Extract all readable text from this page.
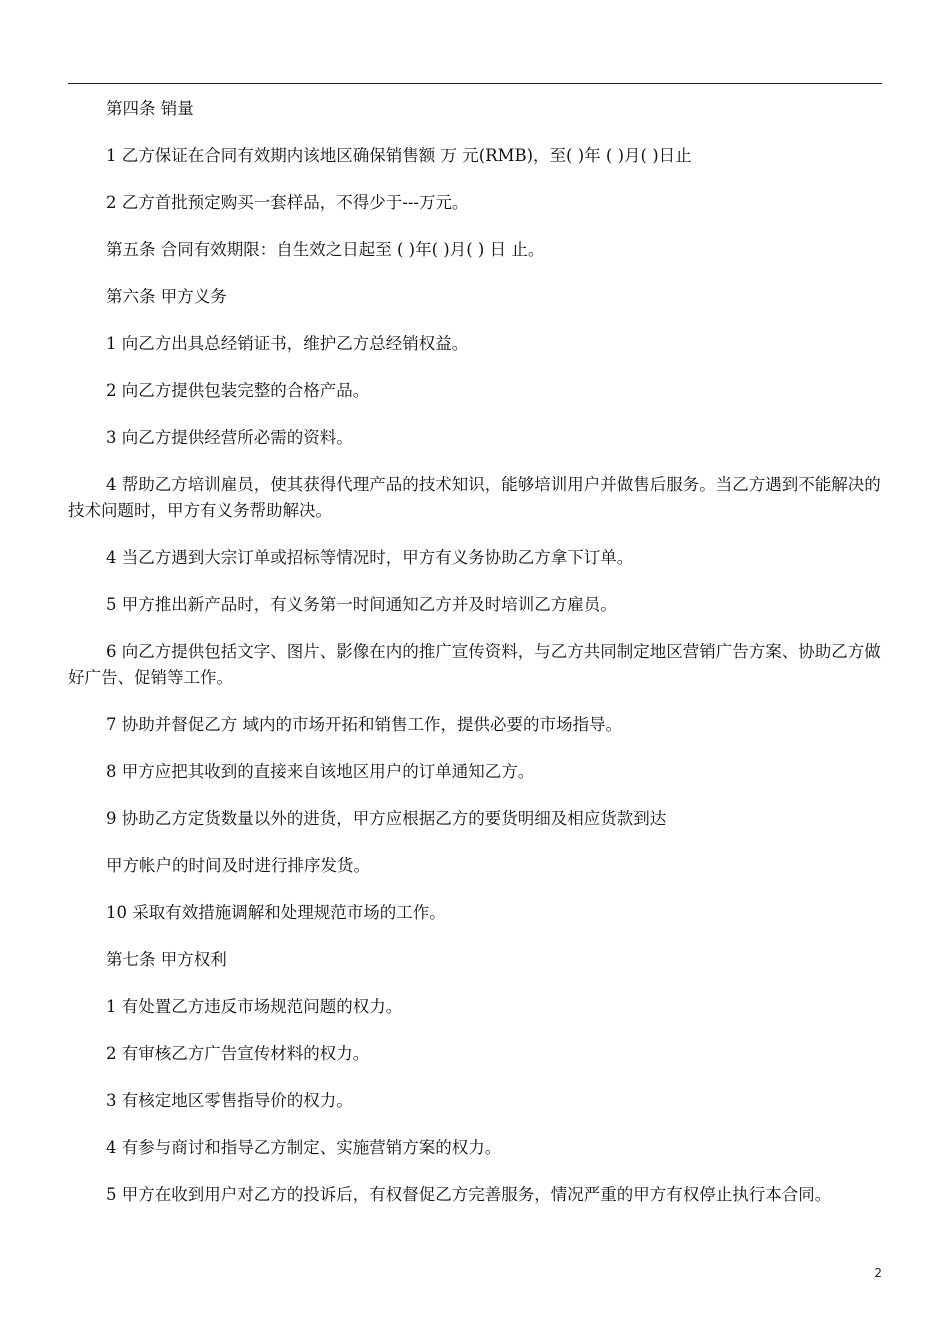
第四条 销量

1 乙方保证在合同有效期内该地区确保销售额 万 元(RMB)，至( )年 ( )月( )日止

2 乙方首批预定购买一套样品，不得少于---万元。

第五条 合同有效期限：自生效之日起至 ( )年( )月( ) 日 止。

第六条 甲方义务

1 向乙方出具总经销证书，维护乙方总经销权益。

2 向乙方提供包装完整的合格产品。

3 向乙方提供经营所必需的资料。

4 帮助乙方培训雇员，使其获得代理产品的技术知识，能够培训用户并做售后服务。当乙方遇到不能解决的技术问题时，甲方有义务帮助解决。

4 当乙方遇到大宗订单或招标等情况时，甲方有义务协助乙方拿下订单。

5 甲方推出新产品时，有义务第一时间通知乙方并及时培训乙方雇员。

6 向乙方提供包括文字、图片、影像在内的推广宣传资料，与乙方共同制定地区营销广告方案、协助乙方做好广告、促销等工作。

7 协助并督促乙方 域内的市场开拓和销售工作，提供必要的市场指导。

8 甲方应把其收到的直接来自该地区用户的订单通知乙方。

9 协助乙方定货数量以外的进货，甲方应根据乙方的要货明细及相应货款到达

甲方帐户的时间及时进行排序发货。

10 采取有效措施调解和处理规范市场的工作。

第七条 甲方权利

1 有处置乙方违反市场规范问题的权力。

2 有审核乙方广告宣传材料的权力。

3 有核定地区零售指导价的权力。

4 有参与商讨和指导乙方制定、实施营销方案的权力。

5 甲方在收到用户对乙方的投诉后，有权督促乙方完善服务，情况严重的甲方有权停止执行本合同。

2
